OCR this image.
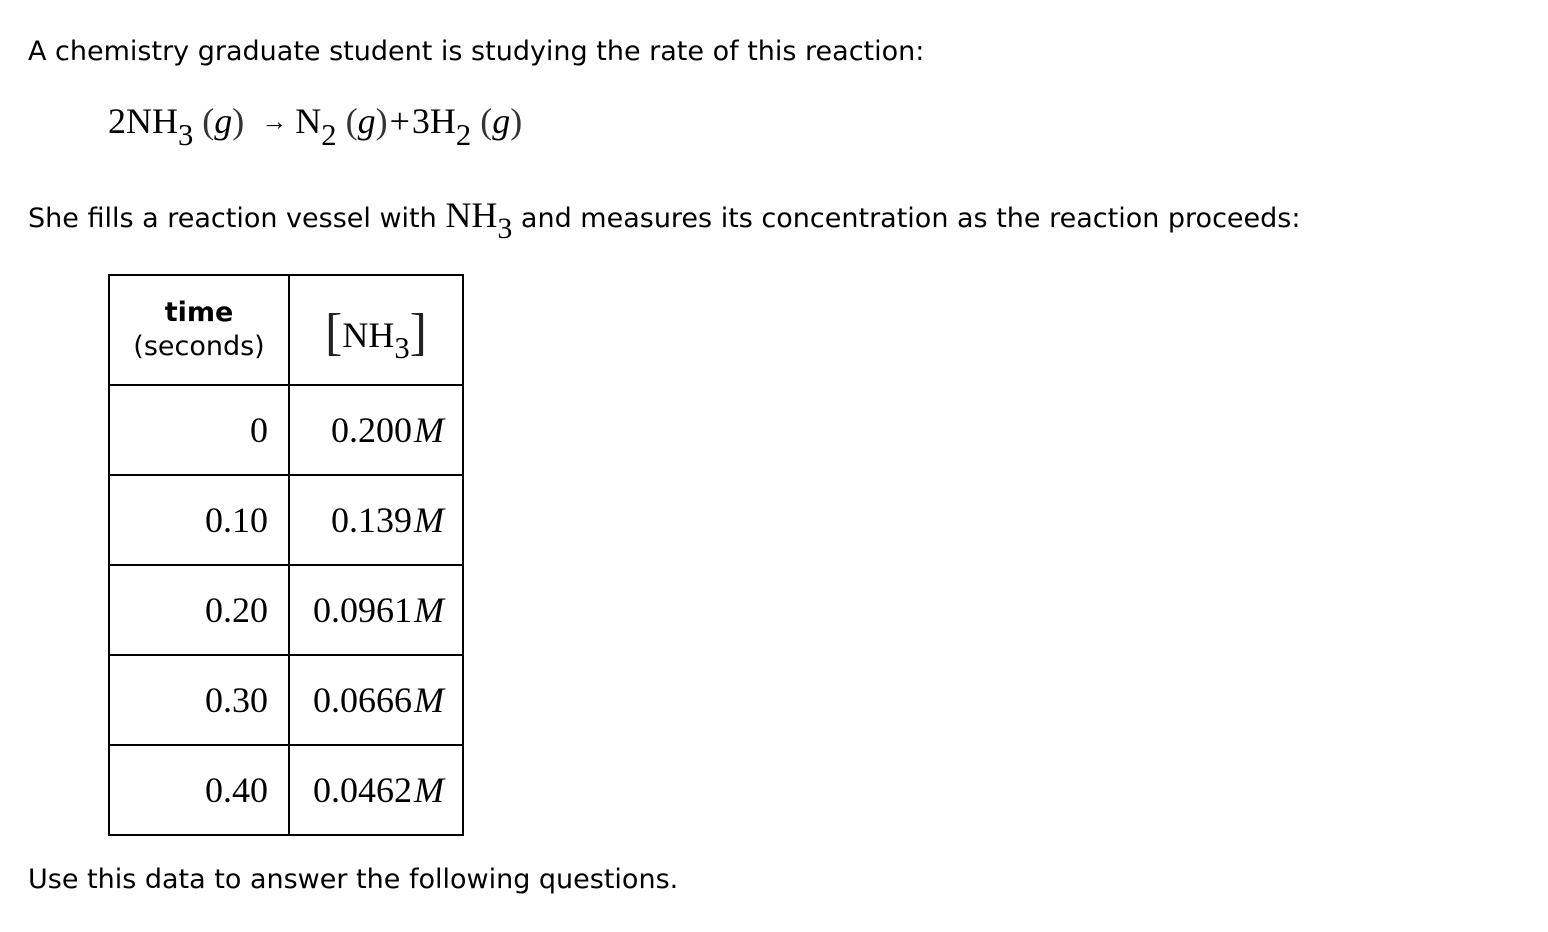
A chemistry graduate student is studying the rate of this reaction:
2NH3 (g) → N2 (g)+3H2 (g)
She fills a reaction vessel with NH3 and measures its concentration as the reaction proceeds:
time
(seconds)	[NH3]
0	0.200M
0.10	0.139M
0.20	0.0961M
0.30	0.0666M
0.40	0.0462M
Use this data to answer the following questions.
